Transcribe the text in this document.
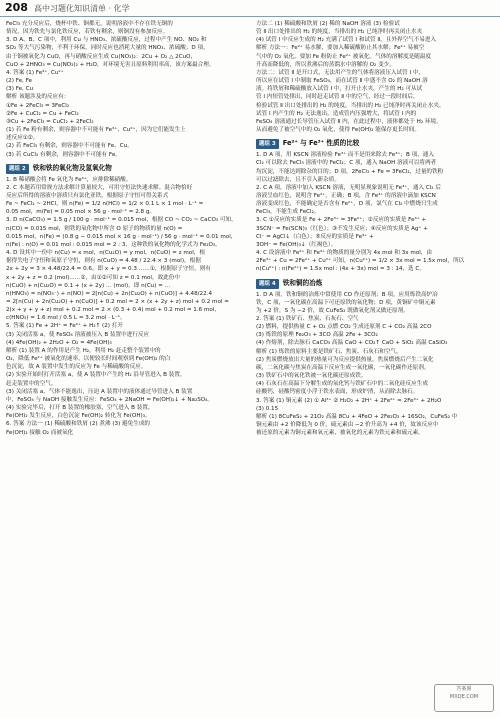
208 高中习题化知识清单 · 化学

FeCl₃ 充分反应后，烧杯中铁、铜都无，说明溶液中不存在铁无铜的

情况，因为铁先与氯化铁反应，若铁有剩余，则铜没有参加反应。

3. D A、B、C 项中，利用 Cu 与 HNO₃、浓硫酸反应，过程中产生 NO、NO₂ 和

SO₂ 等大气污染物，不利于环保，同时反应也消耗大量的 HNO₃、浓硫酸；D 项，

由于铜被氧化为 CuO，再与硝酸反应生成 Cu(NO₃)₂：2Cu + O₂ △ 2CuO，

CuO + 2HNO₃ = Cu(NO₃)₂ + H₂O，对环境无害且原料利用率高，该方案最合理。

4. 答案 (1) Fe³⁺, Cu²⁺

(2) Fe, Fe

(3) Fe, Cu

解析 该题涉及的反应有：

①Fe + 2FeCl₃ = 3FeCl₂

②Fe + CuCl₂ = Cu + FeCl₂

③Cu + 2FeCl₃ = CuCl₂ + 2FeCl₂

(1) 若 Fe 粉有剩余，则容器中不可能有 Fe³⁺、Cu²⁺，因为它们能发生上

述反应①②。

(2) 若 FeCl₃ 有剩余，则容器中不可能有 Fe、Cu。

(3) 若 CuCl₂ 有剩余，则容器中不可能有 Fe。

题组 2 铁和铁的氧化物及氢氧化物

1. B 稀硝酸会将 Fe 氧化为 Fe³⁺，应排除稀硝酸。

2. C 本题若用常规方法求解计算量较大，可用守恒法快速求解。混合物恰好

反应后所得的溶液中溶质只有氯化亚铁，根据原子守恒可得关系式

Fe ~ FeCl₂ ~ 2HCl，则 n(Fe) = 1/2 n(HCl) = 1/2 × 0.1 L × 1 mol · L⁻¹ =

0.05 mol，m(Fe) = 0.05 mol × 56 g · mol⁻¹ = 2.8 g。

3. D n(CaCO₃) = 1.5 g / 100 g · mol⁻¹ = 0.015 mol，根据 CO ~ CO₂ ~ CaCO₃ 可知，

n(CO) = 0.015 mol，则铁的氧化物中所含 O 原子的物质的量 n(O) =

0.015 mol，n(Fe) = (0.8 g − 0.015 mol × 16 g · mol⁻¹) / 56 g · mol⁻¹ = 0.01 mol，

n(Fe) : n(O) = 0.01 mol : 0.015 mol = 2 : 3，这种铁的氧化物的化学式为 Fe₂O₃。

4. D 设其中一份中 n(Cu) = x mol，n(Cu₂O) = y mol，n(CuO) = z mol，根

据得失电子守恒和氧原子守恒，则有 n(CuO) = 4.48 / 22.4 × 3 (mol)，根据

2x + 2y = 3 × 4.48/22.4 = 0.6，即 x + y = 0.3 ……①，根据原子守恒，则有

x + 2y + z = 0.2 (mol)……②，由①②可知 z = 0.1 mol，故此份中

n(CuO) + n(Cu₂O) = 0.1 + (x + 2y) … (mol)，即 n(Cu) = …

n(HNO₃) = n(NO₃⁻) + n(NO) = 2[n(Cu) + 2n(Cu₂O) + n(CuO)] + 4.48/22.4

= 2[n(Cu) + 2n(Cu₂O) + n(CuO)] + 0.2 mol = 2 × (x + 2y + z) mol + 0.2 mol =

2(x + y + y + z) mol + 0.2 mol = 2 × (0.3 + 0.4) mol + 0.2 mol = 1.6 mol，

c(HNO₃) = 1.6 mol / 0.5 L = 3.2 mol · L⁻¹。

5. 答案 (1) Fe + 2H⁺ = Fe²⁺ + H₂↑ (2) 打开

(3) 关闭活塞 a，使 FeSO₄ 溶液被压入 B 装置中进行反应

(4) 4Fe(OH)₂ + 2H₂O + O₂ = 4Fe(OH)₃

解析 (1) 装置 A 的作用是产生 H₂，利用 H₂ 赶走整个装置中的

O₂，降低 Fe²⁺ 被氧化的速率，以便较长时间观察到 Fe(OH)₂ 的白

色沉淀，故 A 装置中发生的反应为 Fe 与稀硫酸的反应。

(2) 实验开始时打开活塞 a，使 A 装置中产生的 H₂ 沿导管进入 B 装置，

赶走装置中的空气。

(3) 关闭活塞 a，气体不能逸出，压迫 A 装置中的液体通过导管进入 B 装置

中，FeSO₄ 与 NaOH 接触发生反应：FeSO₄ + 2NaOH = Fe(OH)₂↓ + Na₂SO₄。

(4) 实验完毕后，打开 B 装置的橡胶塞，空气进入 B 装置，

Fe(OH)₂ 发生反应，白色沉淀 Fe(OH)₂ 转化为 Fe(OH)₃。

6. 答案 方法一 (1) 稀硫酸和铁屑 (2) 煮沸 (3) 避免生成的

Fe(OH)₂ 接触 O₂ 而被氧化

方法二 (1) 稀硫酸和铁屑 (2) 稀的 NaOH 溶液 (3) 检验试

管 Ⅱ 出口处排出的 H₂ 的纯度，当排出的 H₂ 已纯净时再关闭止水夹

(4) 试管 Ⅰ 中反应生成的 H₂ 充满了试管 Ⅰ 和试管 Ⅱ，且外界空气不易进入

解析 方法一：Fe²⁺ 易水解，要加入稀硫酸防止其水解；Fe²⁺ 易被空

气中的 O₂ 氧化，要加 Fe 粉防止 Fe²⁺ 被氧化。气体的溶解度是随温度

升高而降低的，所以煮沸后的蒸馏水中溶解的 O₂ 变少。

方法二：试管 Ⅱ 是开口式，无法用产生的气体将溶液压入试管 Ⅰ 中，

所以应在试管 Ⅰ 中制取 FeSO₄，而在试管 Ⅱ 中盛不含 O₂ 的 NaOH 溶

液。将铁屑和稀硫酸放入试管 Ⅰ 中，打开止水夹，产生的 H₂ 可从试

管 Ⅰ 内短管处排出，同时赶走试管 Ⅱ 中的空气，经过一段时间后，

检验试管 Ⅱ 出口处排出的 H₂ 的纯度，当排出的 H₂ 已纯净时再关闭止水夹，

试管 Ⅰ 内产生的 H₂ 无法逸出，造成管内压强增大，将试管 Ⅰ 内的

FeSO₄ 溶液通过长导管压入试管 Ⅱ 内，在此过程中，液体都处于 H₂ 环境，

从而避免了被空气中的 O₂ 氧化，使得 Fe(OH)₂ 能保存更长时间。

题组 3 Fe²⁺ 与 Fe³⁺ 性质的比较

1. D A 项，用 KSCN 溶液检验 Fe³⁺ 而不是用来除去 Fe³⁺；B 项，通入

Cl₂ 可以除去 FeCl₃ 溶液中的 FeCl₂；C 项，通入 NaOH 溶液可以将两者

均沉淀，不能达到除杂的目的；D 项，2FeCl₃ + Fe = 3FeCl₂，过量的铁粉

可以过滤除去，且不引入新杂质。

2. C A 项，溶液中加入 KSCN 溶液，无明显现象说明无 Fe³⁺，通入 Cl₂ 后

溶液呈血红色，说明含 Fe²⁺，正确；B 项，含 Fe³⁺ 的溶液中滴加 KSCN

溶液变成红色，不能确定是否含有 Fe²⁺，D 项，氯气在 Cl₂ 中燃烧只生成

FeCl₃，不能生成 FeCl₂。

3. C ①反应的实质是 Fe + 2Fe³⁺ = 3Fe²⁺；②反应的实质是 Fe³⁺ +

3SCN⁻ = Fe(SCN)₃（红色）；③不发生反应；④反应的实质是 Ag⁺ +

Cl⁻ = AgCl↓（白色）；⑤反应的实质是 Fe³⁺ +

3OH⁻ = Fe(OH)₃↓（红褐色）。

4. C 设溶液中 Fe²⁺ 和 Fe³⁺ 的物质的量分别为 4x mol 和 3x mol，由

2Fe³⁺ + Cu = 2Fe²⁺ + Cu²⁺ 可知，n(Cu²⁺) = 1/2 × 3x mol = 1.5x mol，所以

n(Cu²⁺) : n(Fe²⁺) = 1.5x mol : (4x + 3x) mol = 3 : 14，选 C。

题组 4 铁和铜的冶炼

1. D A 项，铁和铜的冶炼中常使用 CO 作还原剂；B 项，应用炼铁高炉冶

铁，C 项，一氧化碳在高温下可还原铁的氧化物；D 项，黄铜矿中铜元素

为 +2 价，S 为 −2 价，故 CuFeS₂ 既做氧化剂又做还原剂。

2. 答案 (1) 铁矿石、焦炭、石灰石、空气

(2) 燃料，提供热量 C + O₂ 点燃 CO₂ 生成还原剂 C + CO₂ 高温 2CO

(3) 炼铁的原理 Fe₂O₃ + 3CO 高温 2Fe + 3CO₂

(4) 作熔剂，除去脉石 CaCO₃ 高温 CaO + CO₂↑ CaO + SiO₂ 高温 CaSiO₃

解析 (1) 炼铁的原料主要是铁矿石、焦炭、石灰石和空气。

(2) 焦炭燃烧放出大量的热量可为反应提供热量，焦炭燃烧后产生二氧化

碳，二氧化碳与焦炭在高温下反应生成一氧化碳，一氧化碳作还原剂。

(3) 铁矿石中的氧化铁被一氧化碳还原成铁。

(4) 石灰石在高温下分解生成的氧化钙与铁矿石中的二氧化硅反应生成

硅酸钙，硅酸钙密度小浮于铁水表面，形成炉渣，从而除去脉石。

3. 答案 (1) 铜元素 (2) ① Al³⁺ ② H₂O₂ + 2H⁺ + 2Fe²⁺ = 2Fe³⁺ + 2H₂O

(3) 0.15

解析 (1) 8CuFeS₂ + 21O₂ 高温 8Cu + 4FeO + 2Fe₂O₃ + 16SO₂，CuFeS₂ 中

铜元素由 +2 价降低为 0 价，硫元素由 −2 价升高为 +4 价，故该反应中

被还原的元素为铜元素和氧元素，被氧化的元素为铁元素和硫元素。

答案圈
MXQE.COM
